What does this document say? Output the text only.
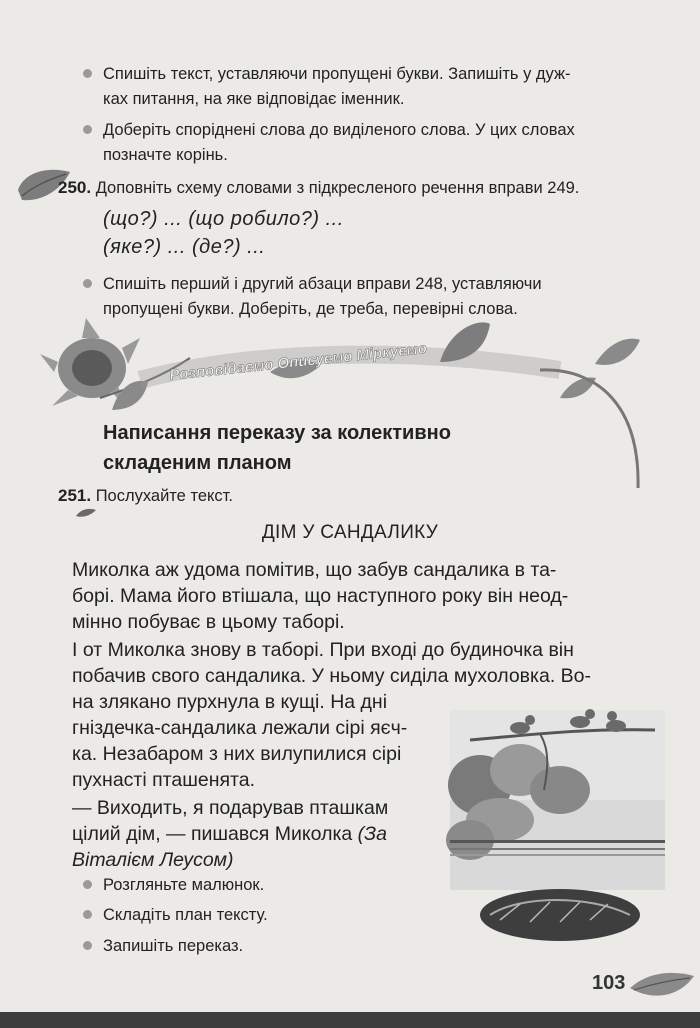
Спишіть текст, уставляючи пропущені букви. Запишіть у дуж-
ках питання, на яке відповідає іменник.
Доберіть споріднені слова до виділеного слова. У цих словах
позначте корінь.
250. Доповніть схему словами з підкресленого речення вправи 249.
(що?) ... (що робило?) ...
(яке?) ... (де?) ...
Спишіть перший і другий абзаци вправи 248, уставляючи
пропущені букви. Доберіть, де треба, перевірні слова.
Розповідаємо Описуємо Міркуємо
Написання переказу за колективно
складеним планом
251. Послухайте текст.
ДІМ У САНДАЛИКУ
Миколка аж удома помітив, що забув сандалика в та-
борі. Мама його втішала, що наступного року він неод-
мінно побуває в цьому таборі.
І от Миколка знову в таборі. При вході до будиночка він
побачив свого сандалика. У ньому сиділа мухоловка. Во-
на злякано пурхнула в кущі. На дні
гніздечка-сандалика лежали сірі яєч-
ка. Незабаром з них вилупилися сірі
пухнасті пташенята.
— Виходить, я подарував пташкам
цілий дім, — пишався Миколка (За
Віталієм Леусом)
Розгляньте малюнок.
Складіть план тексту.
Запишіть переказ.
103
